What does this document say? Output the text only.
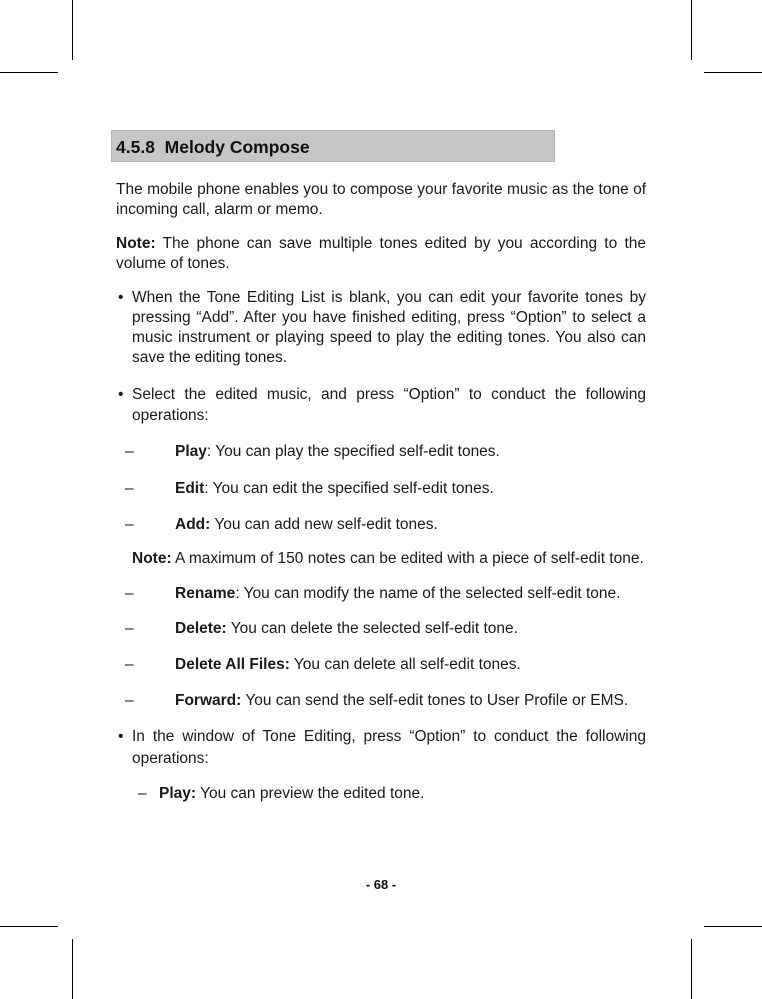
4.5.8 Melody Compose

The mobile phone enables you to compose your favorite music as the tone of incoming call, alarm or memo.

Note: The phone can save multiple tones edited by you according to the volume of tones.

• When the Tone Editing List is blank, you can edit your favorite tones by pressing “Add”. After you have finished editing, press “Option” to select a music instrument or playing speed to play the editing tones. You also can save the editing tones.

• Select the edited music, and press “Option” to conduct the following operations:

–	Play: You can play the specified self-edit tones.

–	Edit: You can edit the specified self-edit tones.

–	Add: You can add new self-edit tones.

Note: A maximum of 150 notes can be edited with a piece of self-edit tone.

–	Rename: You can modify the name of the selected self-edit tone.

–	Delete: You can delete the selected self-edit tone.

–	Delete All Files: You can delete all self-edit tones.

–	Forward: You can send the self-edit tones to User Profile or EMS.

• In the window of Tone Editing, press “Option” to conduct the following operations:

– Play: You can preview the edited tone.

- 68 -
